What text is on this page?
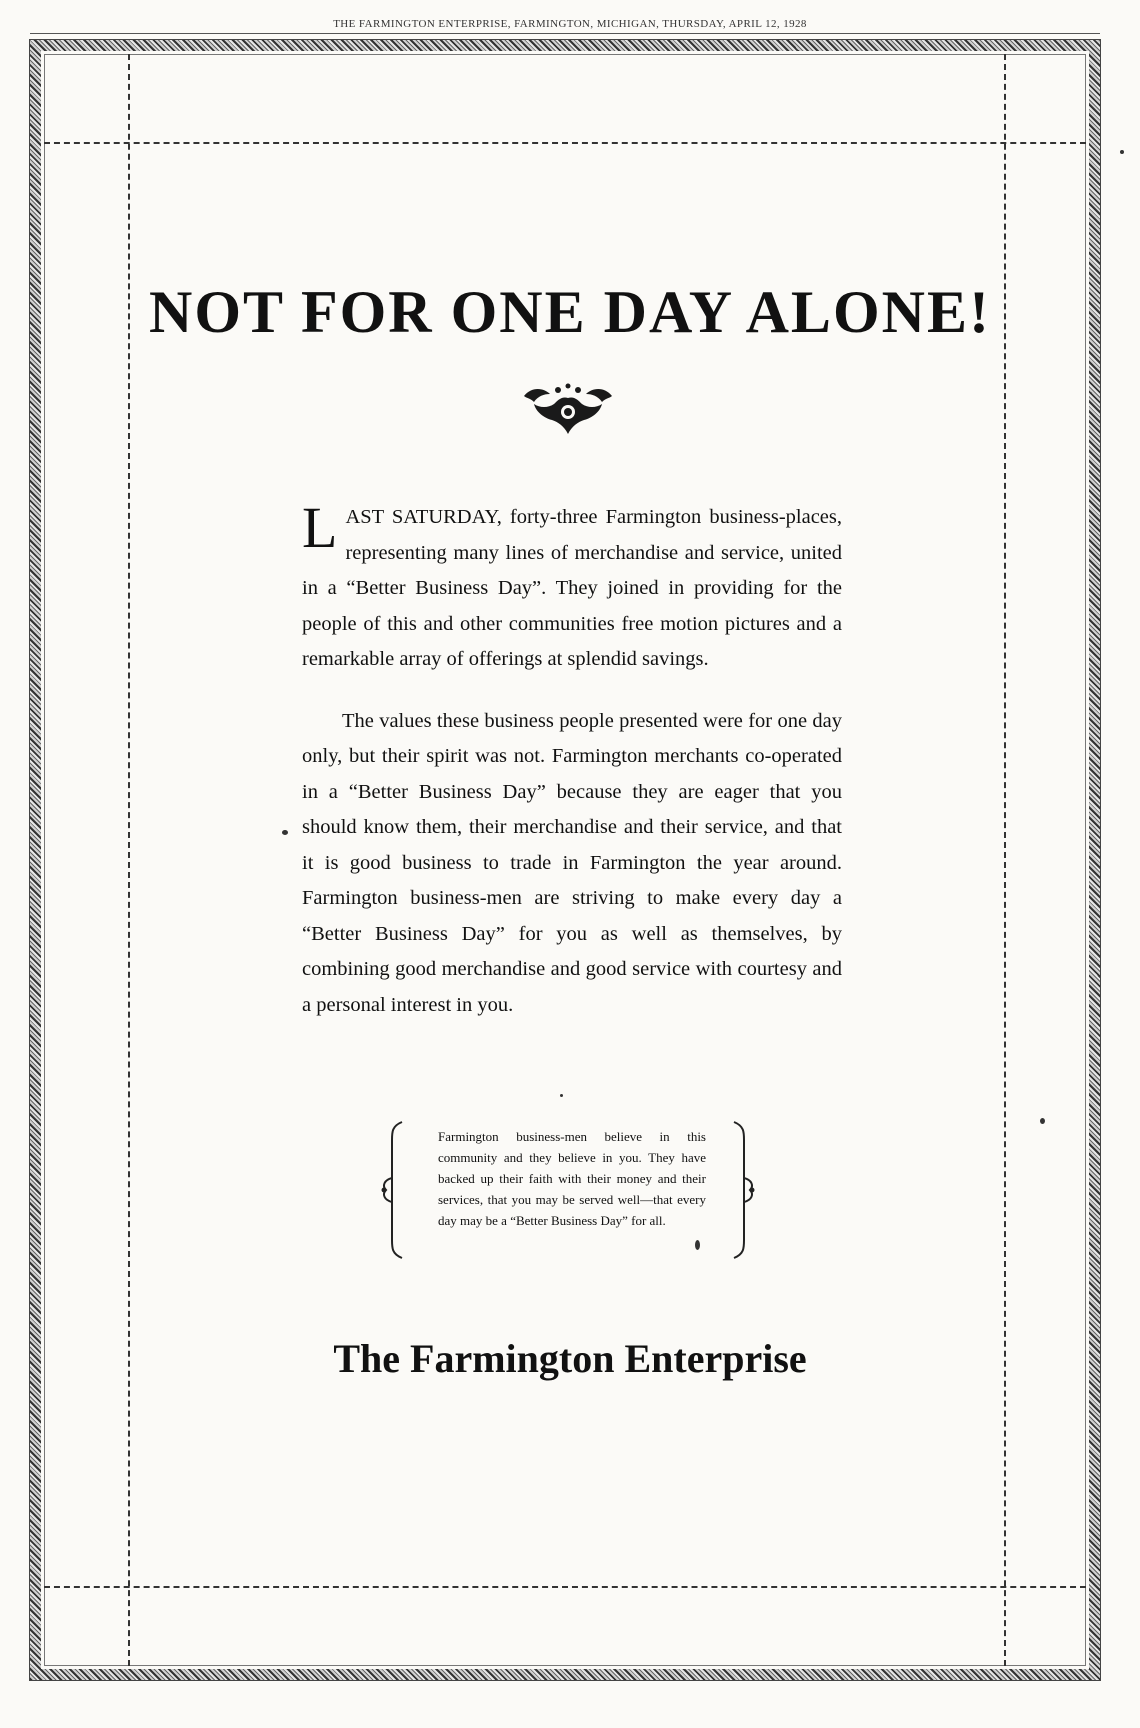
THE FARMINGTON ENTERPRISE, FARMINGTON, MICHIGAN, THURSDAY, APRIL 12, 1928
NOT FOR ONE DAY ALONE!

LAST SATURDAY, forty-three Farmington business-places, representing many lines of merchandise and service, united in a “Better Business Day”. They joined in providing for the people of this and other communities free motion pictures and a remarkable array of offerings at splendid savings.

The values these business people presented were for one day only, but their spirit was not. Farmington merchants co-operated in a “Better Business Day” because they are eager that you should know them, their merchandise and their service, and that it is good business to trade in Farmington the year around. Farmington business-men are striving to make every day a “Better Business Day” for you as well as themselves, by combining good merchandise and good service with courtesy and a personal interest in you.

Farmington business-men believe in this community and they believe in you. They have backed up their faith with their money and their services, that you may be served well—that every day may be a “Better Business Day” for all.
The Farmington Enterprise
